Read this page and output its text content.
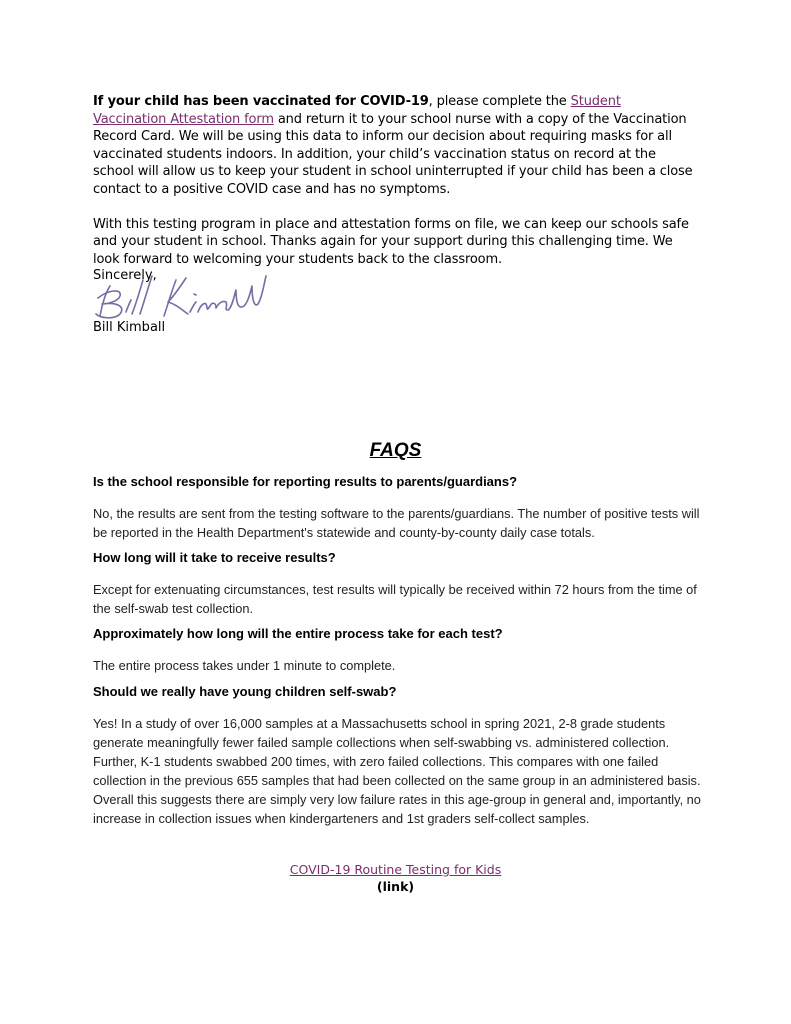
If your child has been vaccinated for COVID-19, please complete the Student Vaccination Attestation form and return it to your school nurse with a copy of the Vaccination Record Card. We will be using this data to inform our decision about requiring masks for all vaccinated students indoors. In addition, your child’s vaccination status on record at the school will allow us to keep your student in school uninterrupted if your child has been a close contact to a positive COVID case and has no symptoms.

With this testing program in place and attestation forms on file, we can keep our schools safe and your student in school. Thanks again for your support during this challenging time. We look forward to welcoming your students back to the classroom.

Sincerely,
Bill Kimball
FAQS

Is the school responsible for reporting results to parents/guardians?

No, the results are sent from the testing software to the parents/guardians. The number of positive tests will be reported in the Health Department's statewide and county-by-county daily case totals.

How long will it take to receive results?

Except for extenuating circumstances, test results will typically be received within 72 hours from the time of the self-swab test collection.

Approximately how long will the entire process take for each test?

The entire process takes under 1 minute to complete.

Should we really have young children self-swab?

Yes! In a study of over 16,000 samples at a Massachusetts school in spring 2021, 2-8 grade students generate meaningfully fewer failed sample collections when self-swabbing vs. administered collection. Further, K-1 students swabbed 200 times, with zero failed collections. This compares with one failed collection in the previous 655 samples that had been collected on the same group in an administered basis. Overall this suggests there are simply very low failure rates in this age-group in general and, importantly, no increase in collection issues when kindergarteners and 1st graders self-collect samples.

COVID-19 Routine Testing for Kids
(link)
